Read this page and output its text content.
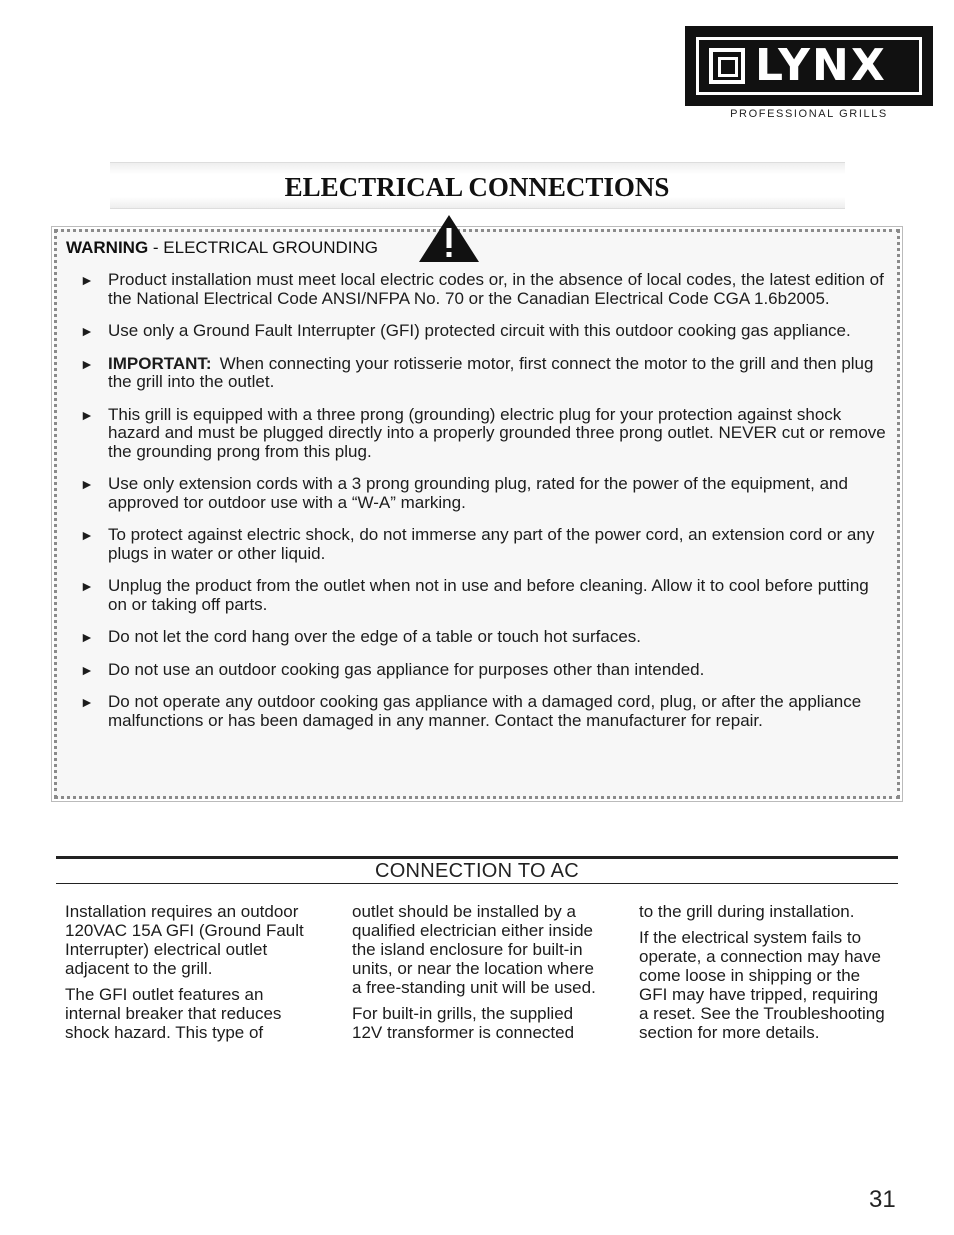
LYNX
PROFESSIONAL GRILLS
ELECTRICAL CONNECTIONS
WARNING - ELECTRICAL GROUNDING
► Product installation must meet local electric codes or, in the absence of local codes, the latest edition of the National Electrical Code ANSI/NFPA No. 70 or the Canadian Electrical Code CGA 1.6b2005.
► Use only a Ground Fault Interrupter (GFI) protected circuit with this outdoor cooking gas appliance.
► IMPORTANT: When connecting your rotisserie motor, first connect the motor to the grill and then plug the grill into the outlet.
► This grill is equipped with a three prong (grounding) electric plug for your protection against shock hazard and must be plugged directly into a properly grounded three prong outlet. NEVER cut or remove the grounding prong from this plug.
► Use only extension cords with a 3 prong grounding plug, rated for the power of the equipment, and approved tor outdoor use with a “W-A” marking.
► To protect against electric shock, do not immerse any part of the power cord, an extension cord or any plugs in water or other liquid.
► Unplug the product from the outlet when not in use and before cleaning. Allow it to cool before putting on or taking off parts.
► Do not let the cord hang over the edge of a table or touch hot surfaces.
► Do not use an outdoor cooking gas appliance for purposes other than intended.
► Do not operate any outdoor cooking gas appliance with a damaged cord, plug, or after the appliance malfunctions or has been damaged in any manner. Contact the manufacturer for repair.
CONNECTION TO AC

Installation requires an outdoor 120VAC 15A GFI (Ground Fault Interrupter) electrical outlet adjacent to the grill.

The GFI outlet features an internal breaker that reduces shock hazard. This type of

outlet should be installed by a qualified electrician either inside the island enclosure for built-in units, or near the location where a free-standing unit will be used.

For built-in grills, the supplied 12V transformer is connected

to the grill during installation.

If the electrical system fails to operate, a connection may have come loose in shipping or the GFI may have tripped, requiring a reset. See the Troubleshooting section for more details.

31
